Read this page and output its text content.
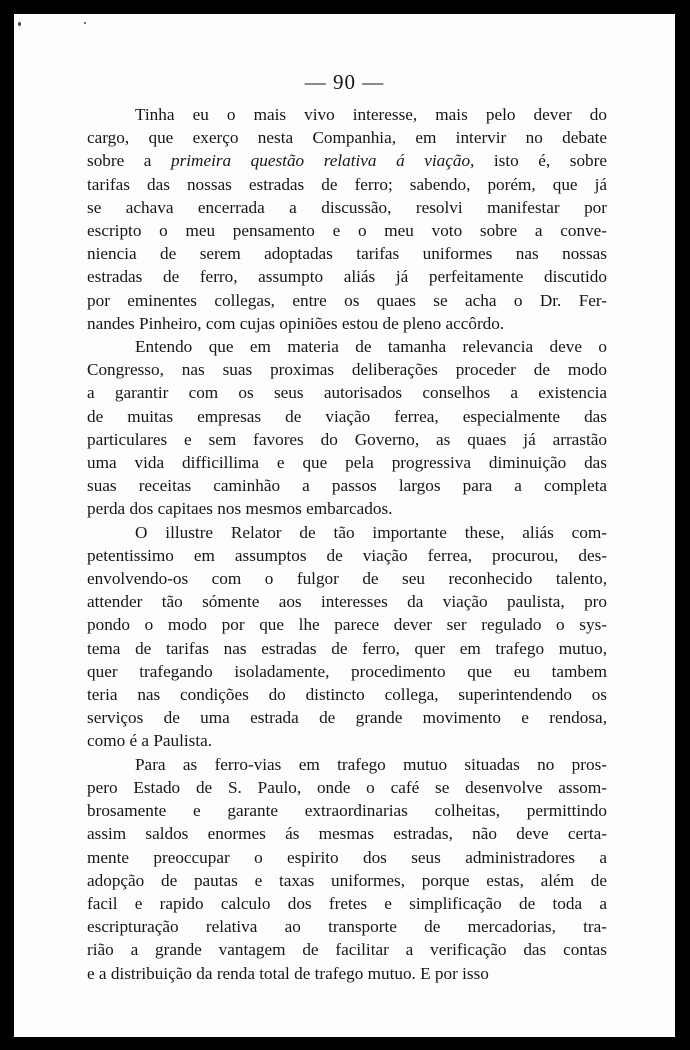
— 90 —
Tinha eu o mais vivo interesse, mais pelo dever do
cargo, que exerço nesta Companhia, em intervir no debate
sobre a primeira questão relativa á viação, isto é, sobre
tarifas das nossas estradas de ferro; sabendo, porém, que já
se achava encerrada a discussão, resolvi manifestar por
escripto o meu pensamento e o meu voto sobre a conve-
niencia de serem adoptadas tarifas uniformes nas nossas
estradas de ferro, assumpto aliás já perfeitamente discutido
por eminentes collegas, entre os quaes se acha o Dr. Fer-
nandes Pinheiro, com cujas opiniões estou de pleno accôrdo.
Entendo que em materia de tamanha relevancia deve o
Congresso, nas suas proximas deliberações proceder de modo
a garantir com os seus autorisados conselhos a existencia
de muitas empresas de viação ferrea, especialmente das
particulares e sem favores do Governo, as quaes já arrastão
uma vida difficillima e que pela progressiva diminuição das
suas receitas caminhão a passos largos para a completa
perda dos capitaes nos mesmos embarcados.
O illustre Relator de tão importante these, aliás com-
petentissimo em assumptos de viação ferrea, procurou, des-
envolvendo-os com o fulgor de seu reconhecido talento,
attender tão sómente aos interesses da viação paulista, pro
pondo o modo por que lhe parece dever ser regulado o sys-
tema de tarifas nas estradas de ferro, quer em trafego mutuo,
quer trafegando isoladamente, procedimento que eu tambem
teria nas condições do distincto collega, superintendendo os
serviços de uma estrada de grande movimento e rendosa,
como é a Paulista.
Para as ferro-vias em trafego mutuo situadas no pros-
pero Estado de S. Paulo, onde o café se desenvolve assom-
brosamente e garante extraordinarias colheitas, permittindo
assim saldos enormes ás mesmas estradas, não deve certa-
mente preoccupar o espirito dos seus administradores a
adopção de pautas e taxas uniformes, porque estas, além de
facil e rapido calculo dos fretes e simplificação de toda a
escripturação relativa ao transporte de mercadorias, tra-
rião a grande vantagem de facilitar a verificação das contas
e a distribuição da renda total de trafego mutuo. E por isso
